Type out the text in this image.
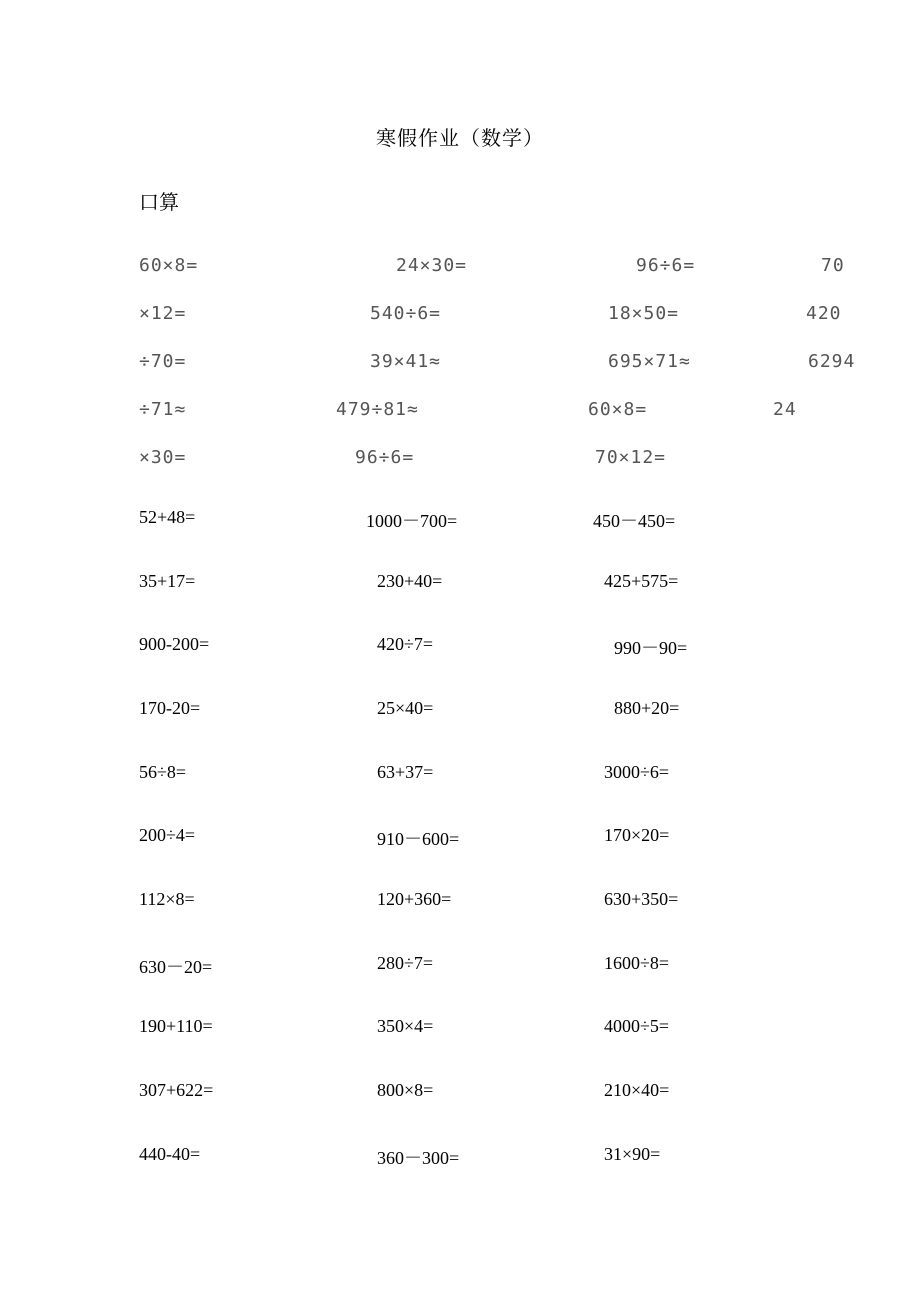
寒假作业（数学）
口算
60×8=	24×30=	96÷6=	70
×12=	540÷6=	18×50=	420
÷70=	39×41≈	695×71≈	6294
÷71≈	479÷81≈	60×8=	24
×30=	96÷6=	70×12=
52+48=	1000－700=	450－450=
35+17=	230+40=	425+575=
900-200=	420÷7=	990－90=
170-20=	25×40=	880+20=
56÷8=	63+37=	3000÷6=
200÷4=	910－600=	170×20=
112×8=	120+360=	630+350=
630－20=	280÷7=	1600÷8=
190+110=	350×4=	4000÷5=
307+622=	800×8=	210×40=
440-40=	360－300=	31×90=
